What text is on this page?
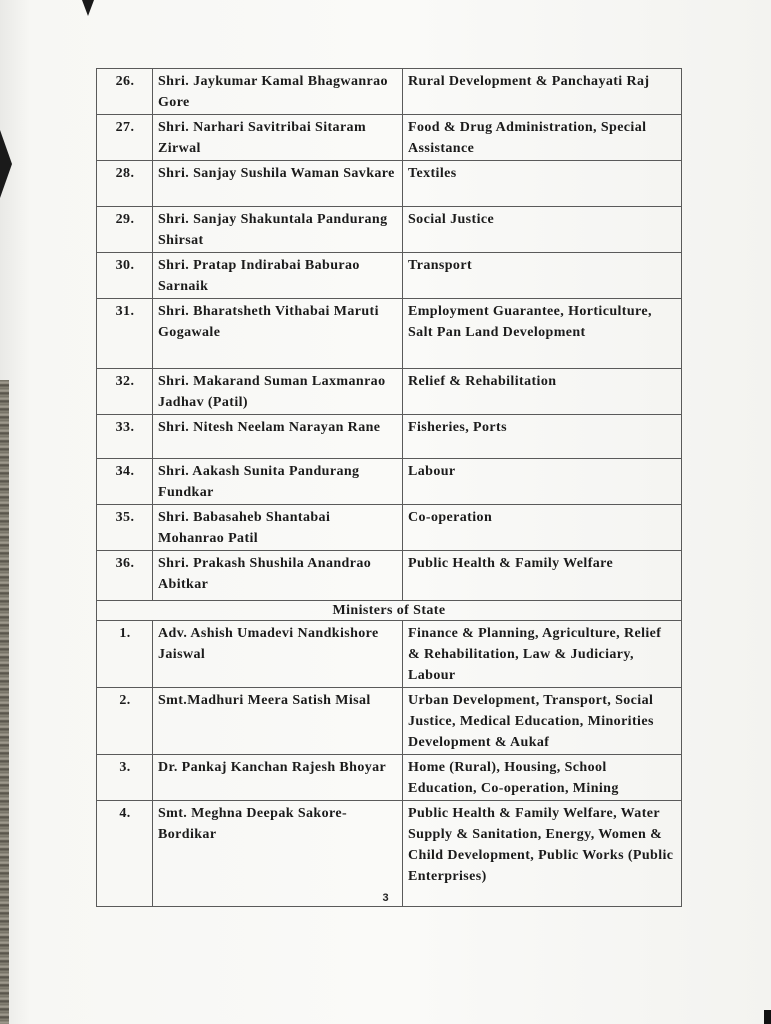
26.	Shri. Jaykumar Kamal Bhagwanrao Gore	Rural Development & Panchayati Raj
27.	Shri. Narhari Savitribai Sitaram Zirwal	Food & Drug Administration, Special Assistance
28.	Shri. Sanjay Sushila Waman Savkare	Textiles
29.	Shri. Sanjay Shakuntala Pandurang Shirsat	Social Justice
30.	Shri. Pratap Indirabai Baburao Sarnaik	Transport
31.	Shri. Bharatsheth Vithabai Maruti Gogawale	Employment Guarantee, Horticulture, Salt Pan Land Development
32.	Shri. Makarand Suman Laxmanrao Jadhav (Patil)	Relief & Rehabilitation
33.	Shri. Nitesh Neelam Narayan Rane	Fisheries, Ports
34.	Shri. Aakash Sunita Pandurang Fundkar	Labour
35.	Shri. Babasaheb Shantabai Mohanrao Patil	Co-operation
36.	Shri. Prakash Shushila Anandrao Abitkar	Public Health & Family Welfare
Ministers of State		
1.	Adv. Ashish Umadevi Nandkishore Jaiswal	Finance & Planning, Agriculture, Relief & Rehabilitation, Law & Judiciary, Labour
2.	Smt.Madhuri Meera Satish Misal	Urban Development, Transport, Social Justice, Medical Education, Minorities Development & Aukaf
3.	Dr. Pankaj Kanchan Rajesh Bhoyar	Home (Rural), Housing, School Education, Co-operation, Mining
4.	Smt. Meghna Deepak Sakore-Bordikar	Public Health & Family Welfare, Water Supply & Sanitation, Energy, Women & Child Development, Public Works (Public Enterprises)
3
